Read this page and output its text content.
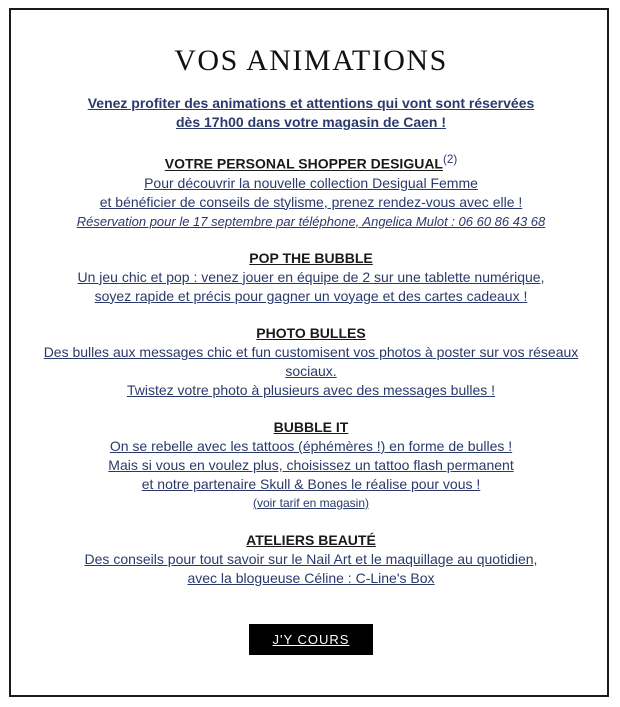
VOS ANIMATIONS
Venez profiter des animations et attentions qui vont sont réservées
dès 17h00 dans votre magasin de Caen !
VOTRE PERSONAL SHOPPER DESIGUAL$^{(2)}$
Pour découvrir la nouvelle collection Desigual Femme
et bénéficier de conseils de stylisme, prenez rendez-vous avec elle !
Réservation pour le 17 septembre par téléphone, Angelica Mulot : 06 60 86 43 68
POP THE BUBBLE
Un jeu chic et pop : venez jouer en équipe de 2 sur une tablette numérique,
soyez rapide et précis pour gagner un voyage et des cartes cadeaux !
PHOTO BULLES
Des bulles aux messages chic et fun customisent vos photos à poster sur vos réseaux
sociaux.
Twistez votre photo à plusieurs avec des messages bulles !
BUBBLE IT
On se rebelle avec les tattoos (éphémères !) en forme de bulles !
Mais si vous en voulez plus, choisissez un tattoo flash permanent
et notre partenaire Skull & Bones le réalise pour vous !
(voir tarif en magasin)
ATELIERS BEAUTÉ
Des conseils pour tout savoir sur le Nail Art et le maquillage au quotidien,
avec la blogueuse Céline : C-Line's Box
J'Y COURS
